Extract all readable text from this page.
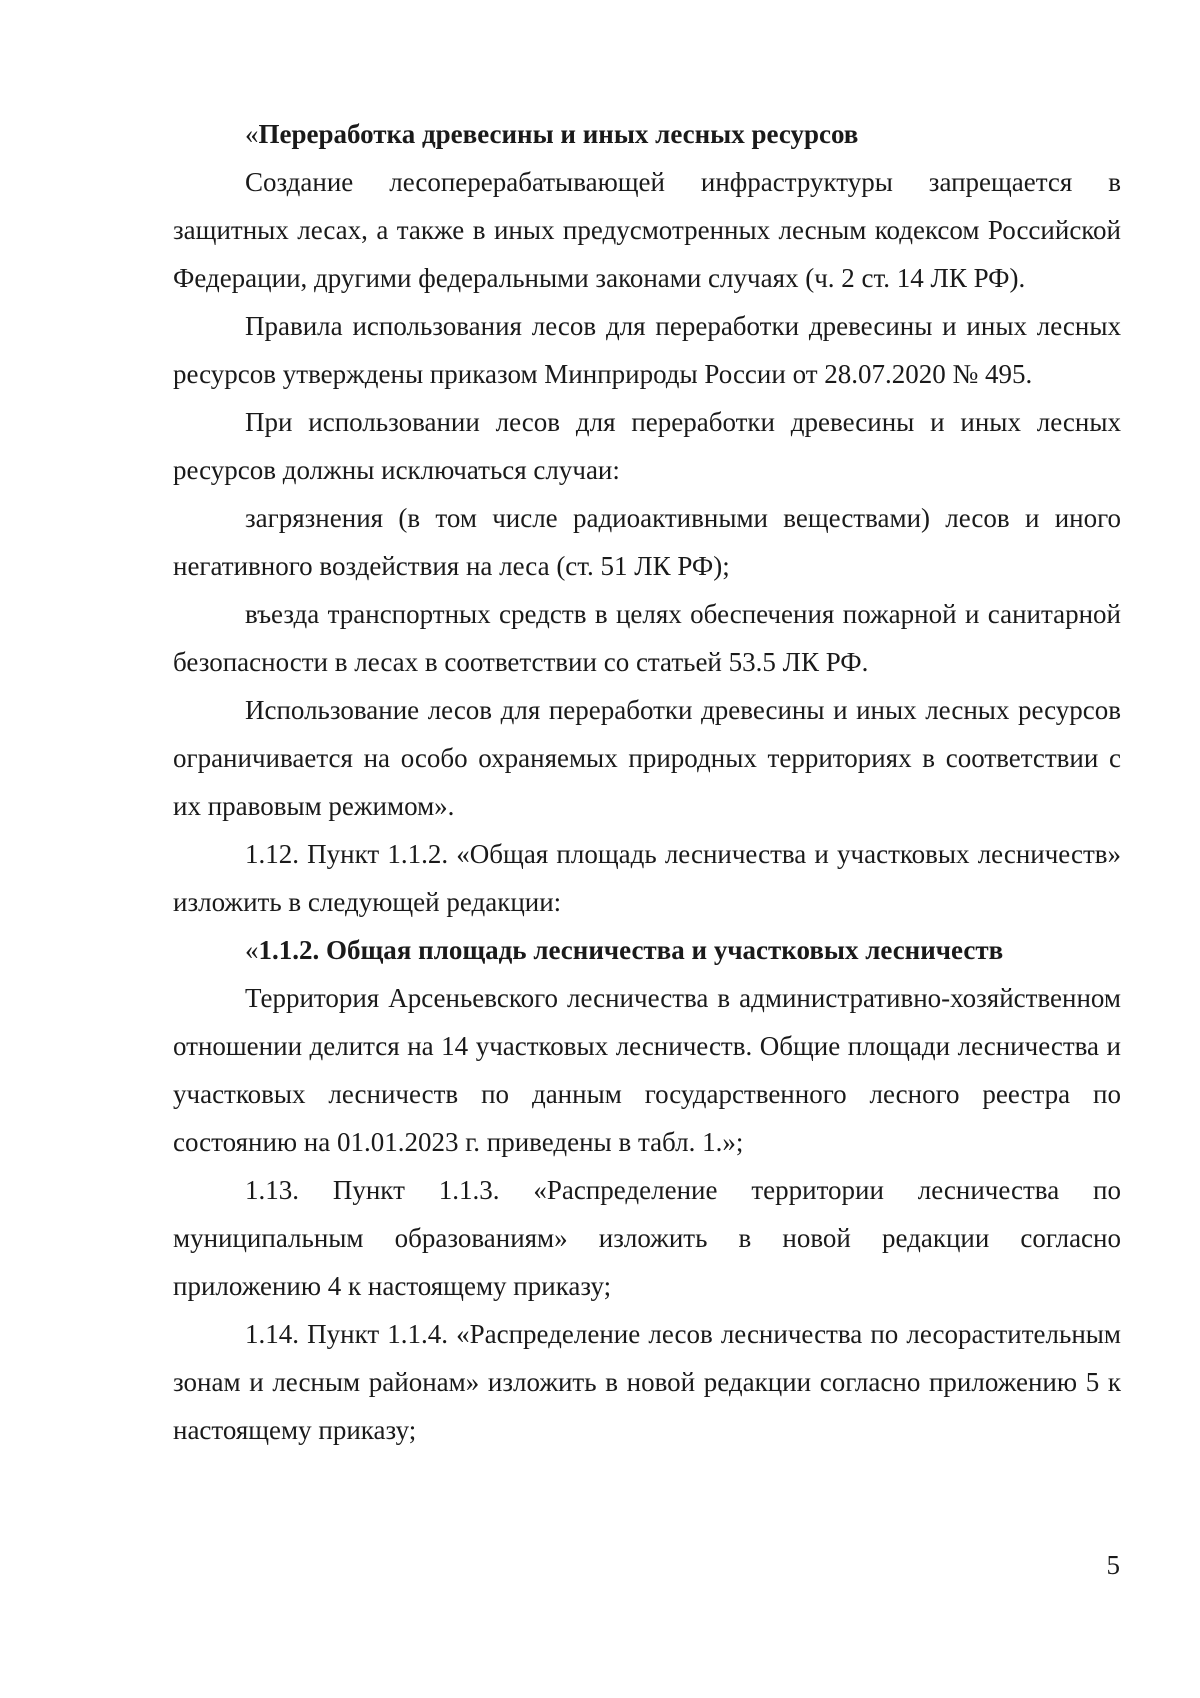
«Переработка древесины и иных лесных ресурсов

Создание лесоперерабатывающей инфраструктуры запрещается в защитных лесах, а также в иных предусмотренных лесным кодексом Российской Федерации, другими федеральными законами случаях (ч. 2 ст. 14 ЛК РФ).

Правила использования лесов для переработки древесины и иных лесных ресурсов утверждены приказом Минприроды России от 28.07.2020 № 495.

При использовании лесов для переработки древесины и иных лесных ресурсов должны исключаться случаи:

загрязнения (в том числе радиоактивными веществами) лесов и иного негативного воздействия на леса (ст. 51 ЛК РФ);

въезда транспортных средств в целях обеспечения пожарной и санитарной безопасности в лесах в соответствии со статьей 53.5 ЛК РФ.

Использование лесов для переработки древесины и иных лесных ресурсов ограничивается на особо охраняемых природных территориях в соответствии с их правовым режимом».

1.12. Пункт 1.1.2. «Общая площадь лесничества и участковых лесничеств» изложить в следующей редакции:

«1.1.2. Общая площадь лесничества и участковых лесничеств

Территория Арсеньевского лесничества в административно-хозяйственном отношении делится на 14 участковых лесничеств. Общие площади лесничества и участковых лесничеств по данным государственного лесного реестра по состоянию на 01.01.2023 г. приведены в табл. 1.»;

1.13. Пункт 1.1.3. «Распределение территории лесничества по муниципальным образованиям» изложить в новой редакции согласно приложению 4 к настоящему приказу;

1.14. Пункт 1.1.4. «Распределение лесов лесничества по лесорастительным зонам и лесным районам» изложить в новой редакции согласно приложению 5 к настоящему приказу;

5
